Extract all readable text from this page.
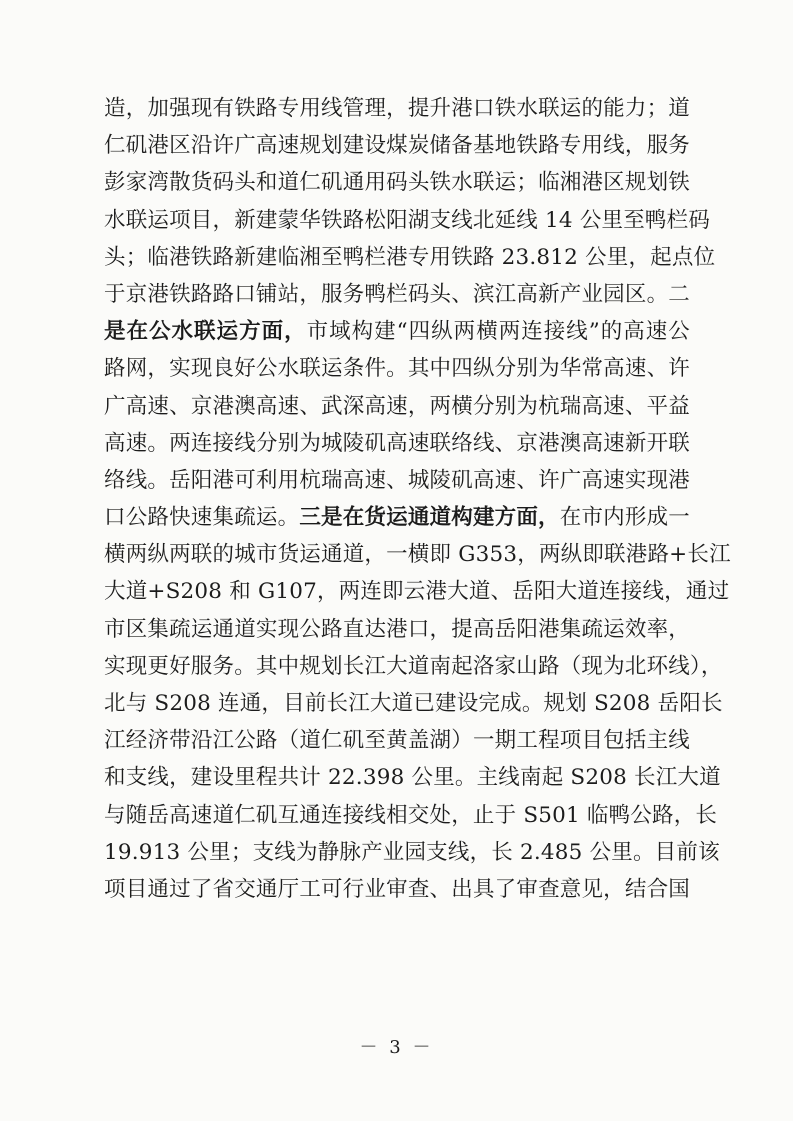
造，加强现有铁路专用线管理，提升港口铁水联运的能力；道
仁矶港区沿许广高速规划建设煤炭储备基地铁路专用线，服务
彭家湾散货码头和道仁矶通用码头铁水联运；临湘港区规划铁
水联运项目，新建蒙华铁路松阳湖支线北延线 14 公里至鸭栏码
头；临港铁路新建临湘至鸭栏港专用铁路 23.812 公里，起点位
于京港铁路路口铺站，服务鸭栏码头、滨江高新产业园区。二
是在公水联运方面，市域构建“四纵两横两连接线”的高速公
路网，实现良好公水联运条件。其中四纵分别为华常高速、许
广高速、京港澳高速、武深高速，两横分别为杭瑞高速、平益
高速。两连接线分别为城陵矶高速联络线、京港澳高速新开联
络线。岳阳港可利用杭瑞高速、城陵矶高速、许广高速实现港
口公路快速集疏运。三是在货运通道构建方面，在市内形成一
横两纵两联的城市货运通道，一横即 G353，两纵即联港路+长江
大道+S208 和 G107，两连即云港大道、岳阳大道连接线，通过
市区集疏运通道实现公路直达港口，提高岳阳港集疏运效率，
实现更好服务。其中规划长江大道南起洛家山路（现为北环线），
北与 S208 连通，目前长江大道已建设完成。规划 S208 岳阳长
江经济带沿江公路（道仁矶至黄盖湖）一期工程项目包括主线
和支线，建设里程共计 22.398 公里。主线南起 S208 长江大道
与随岳高速道仁矶互通连接线相交处，止于 S501 临鸭公路，长
19.913 公里；支线为静脉产业园支线，长 2.485 公里。目前该
项目通过了省交通厅工可行业审查、出具了审查意见，结合国
－ 3 －
